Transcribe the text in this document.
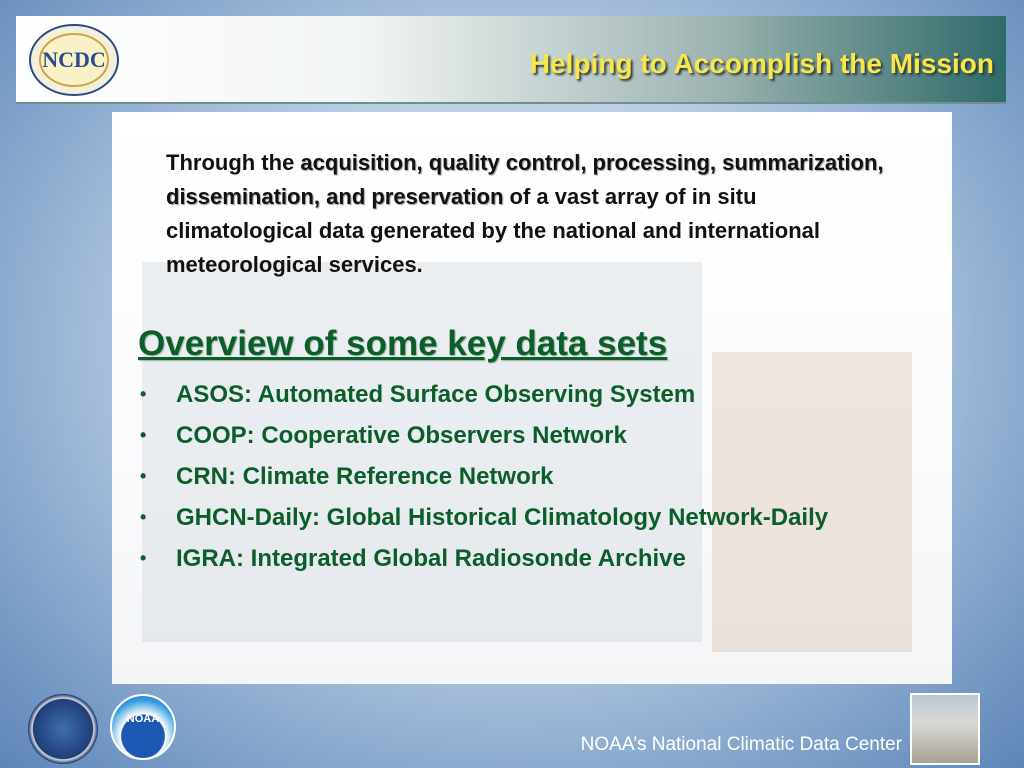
NCDC	Helping to Accomplish the Mission
Through the acquisition, quality control, processing, summarization, dissemination, and preservation of a vast array of in situ climatological data generated by the national and international meteorological services.
Overview of some key data sets
• ASOS: Automated Surface Observing System
• COOP: Cooperative Observers Network
• CRN: Climate Reference Network
• GHCN-Daily: Global Historical Climatology Network-Daily
• IGRA: Integrated Global Radiosonde Archive
NOAA
NOAA’s National Climatic Data Center
